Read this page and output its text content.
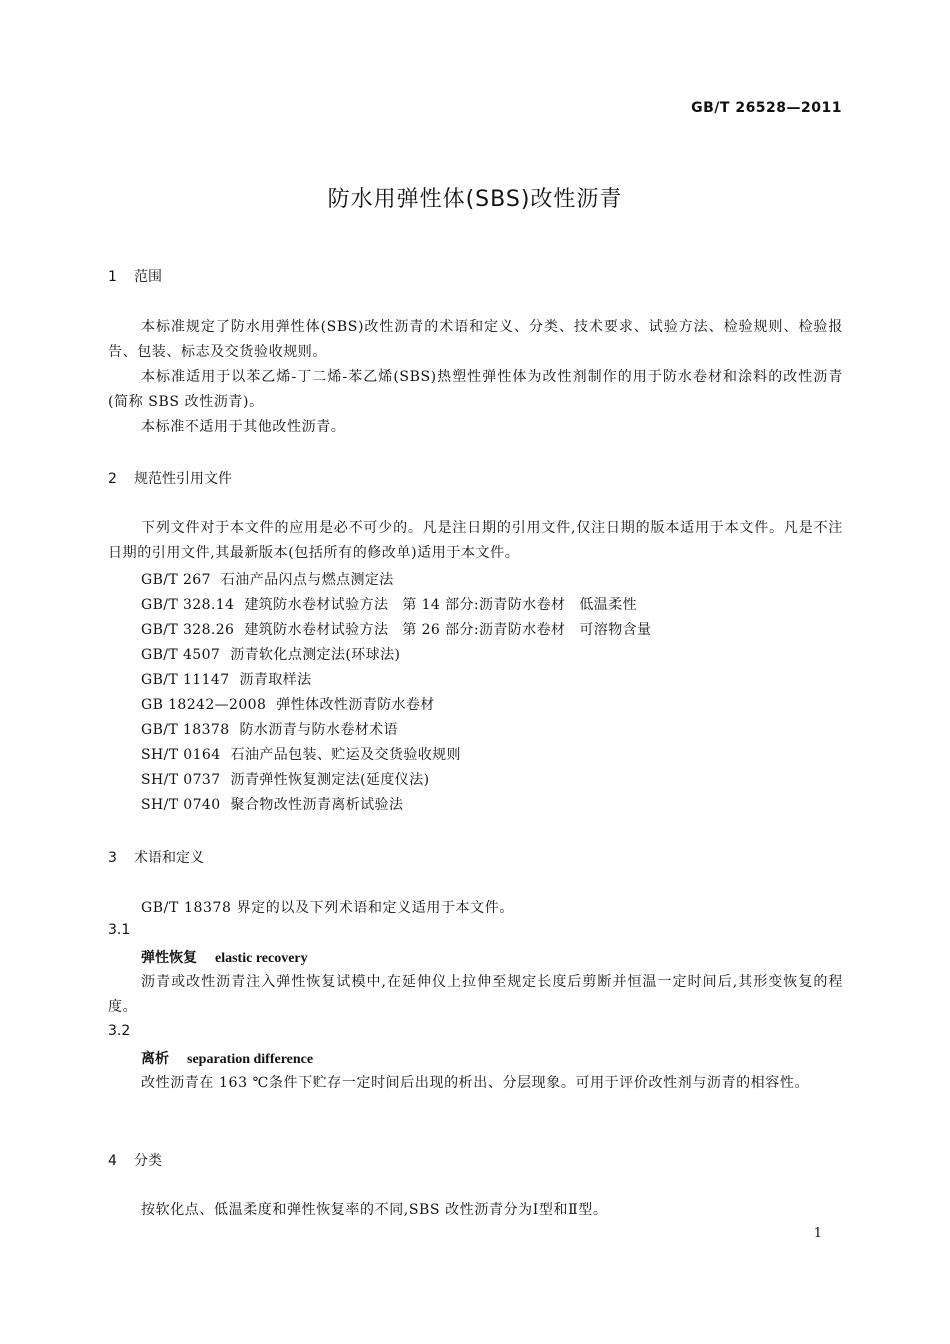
GB/T 26528—2011
防水用弹性体(SBS)改性沥青
1 范围
本标准规定了防水用弹性体(SBS)改性沥青的术语和定义、分类、技术要求、试验方法、检验规则、检验报告、包装、标志及交货验收规则。
本标准适用于以苯乙烯-丁二烯-苯乙烯(SBS)热塑性弹性体为改性剂制作的用于防水卷材和涂料的改性沥青(简称 SBS 改性沥青)。
本标准不适用于其他改性沥青。
2 规范性引用文件
下列文件对于本文件的应用是必不可少的。凡是注日期的引用文件,仅注日期的版本适用于本文件。凡是不注日期的引用文件,其最新版本(包括所有的修改单)适用于本文件。
GB/T 267 石油产品闪点与燃点测定法
GB/T 328.14 建筑防水卷材试验方法 第 14 部分:沥青防水卷材 低温柔性
GB/T 328.26 建筑防水卷材试验方法 第 26 部分:沥青防水卷材 可溶物含量
GB/T 4507 沥青软化点测定法(环球法)
GB/T 11147 沥青取样法
GB 18242—2008 弹性体改性沥青防水卷材
GB/T 18378 防水沥青与防水卷材术语
SH/T 0164 石油产品包装、贮运及交货验收规则
SH/T 0737 沥青弹性恢复测定法(延度仪法)
SH/T 0740 聚合物改性沥青离析试验法
3 术语和定义
GB/T 18378 界定的以及下列术语和定义适用于本文件。
3.1
弹性恢复 elastic recovery
沥青或改性沥青注入弹性恢复试模中,在延伸仪上拉伸至规定长度后剪断并恒温一定时间后,其形变恢复的程度。
3.2
离析 separation difference
改性沥青在 163 ℃条件下贮存一定时间后出现的析出、分层现象。可用于评价改性剂与沥青的相容性。
4 分类
按软化点、低温柔度和弹性恢复率的不同,SBS 改性沥青分为Ⅰ型和Ⅱ型。
1
